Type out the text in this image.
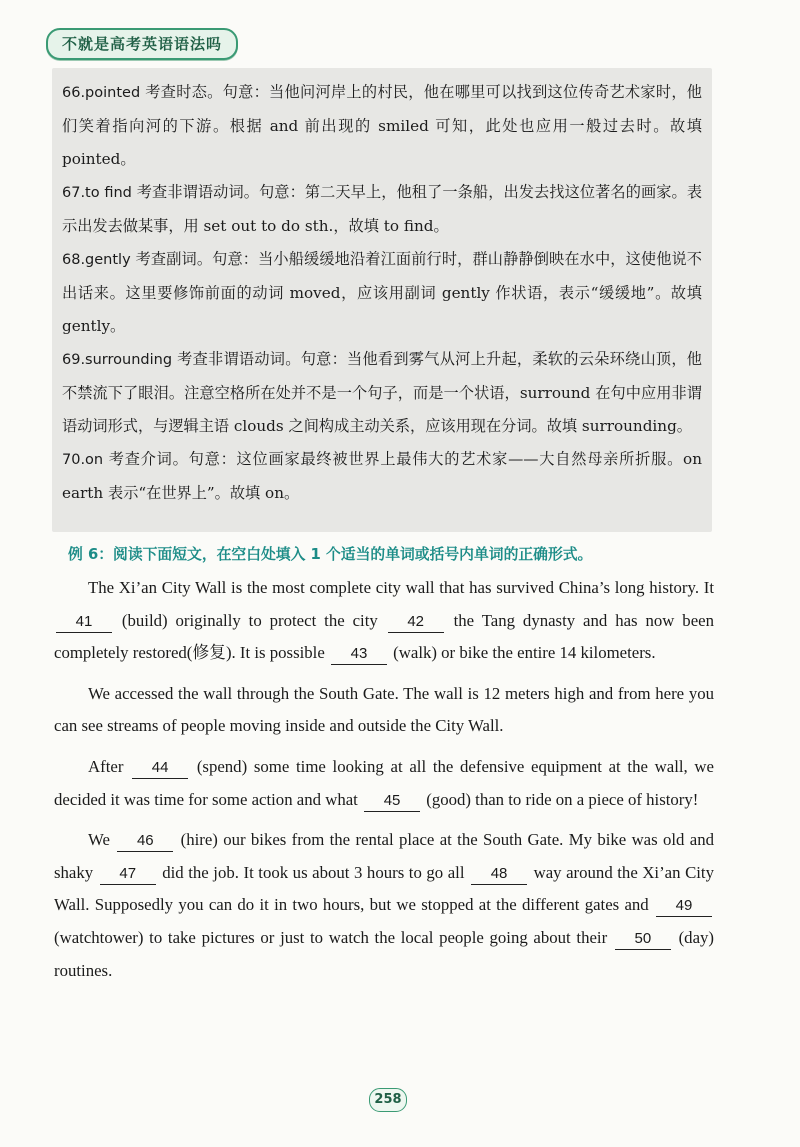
不就是高考英语语法吗

66.pointed 考查时态。句意：当他问河岸上的村民，他在哪里可以找到这位传奇艺术家时，他们笑着指向河的下游。根据 and 前出现的 smiled 可知，此处也应用一般过去时。故填 pointed。

67.to find 考查非谓语动词。句意：第二天早上，他租了一条船，出发去找这位著名的画家。表示出发去做某事，用 set out to do sth.，故填 to find。

68.gently 考查副词。句意：当小船缓缓地沿着江面前行时，群山静静倒映在水中，这使他说不出话来。这里要修饰前面的动词 moved，应该用副词 gently 作状语，表示“缓缓地”。故填 gently。

69.surrounding 考查非谓语动词。句意：当他看到雾气从河上升起，柔软的云朵环绕山顶，他不禁流下了眼泪。注意空格所在处并不是一个句子，而是一个状语，surround 在句中应用非谓语动词形式，与逻辑主语 clouds 之间构成主动关系，应该用现在分词。故填 surrounding。

70.on 考查介词。句意：这位画家最终被世界上最伟大的艺术家——大自然母亲所折服。on earth 表示“在世界上”。故填 on。

例 6：阅读下面短文，在空白处填入 1 个适当的单词或括号内单词的正确形式。

The Xi’an City Wall is the most complete city wall that has survived China’s long history. It 41 (build) originally to protect the city 42 the Tang dynasty and has now been completely restored(修复). It is possible 43 (walk) or bike the entire 14 kilometers.

We accessed the wall through the South Gate. The wall is 12 meters high and from here you can see streams of people moving inside and outside the City Wall.

After 44 (spend) some time looking at all the defensive equipment at the wall, we decided it was time for some action and what 45 (good) than to ride on a piece of history!

We 46 (hire) our bikes from the rental place at the South Gate. My bike was old and shaky 47 did the job. It took us about 3 hours to go all 48 way around the Xi’an City Wall. Supposedly you can do it in two hours, but we stopped at the different gates and 49 (watchtower) to take pictures or just to watch the local people going about their 50 (day) routines.

258
